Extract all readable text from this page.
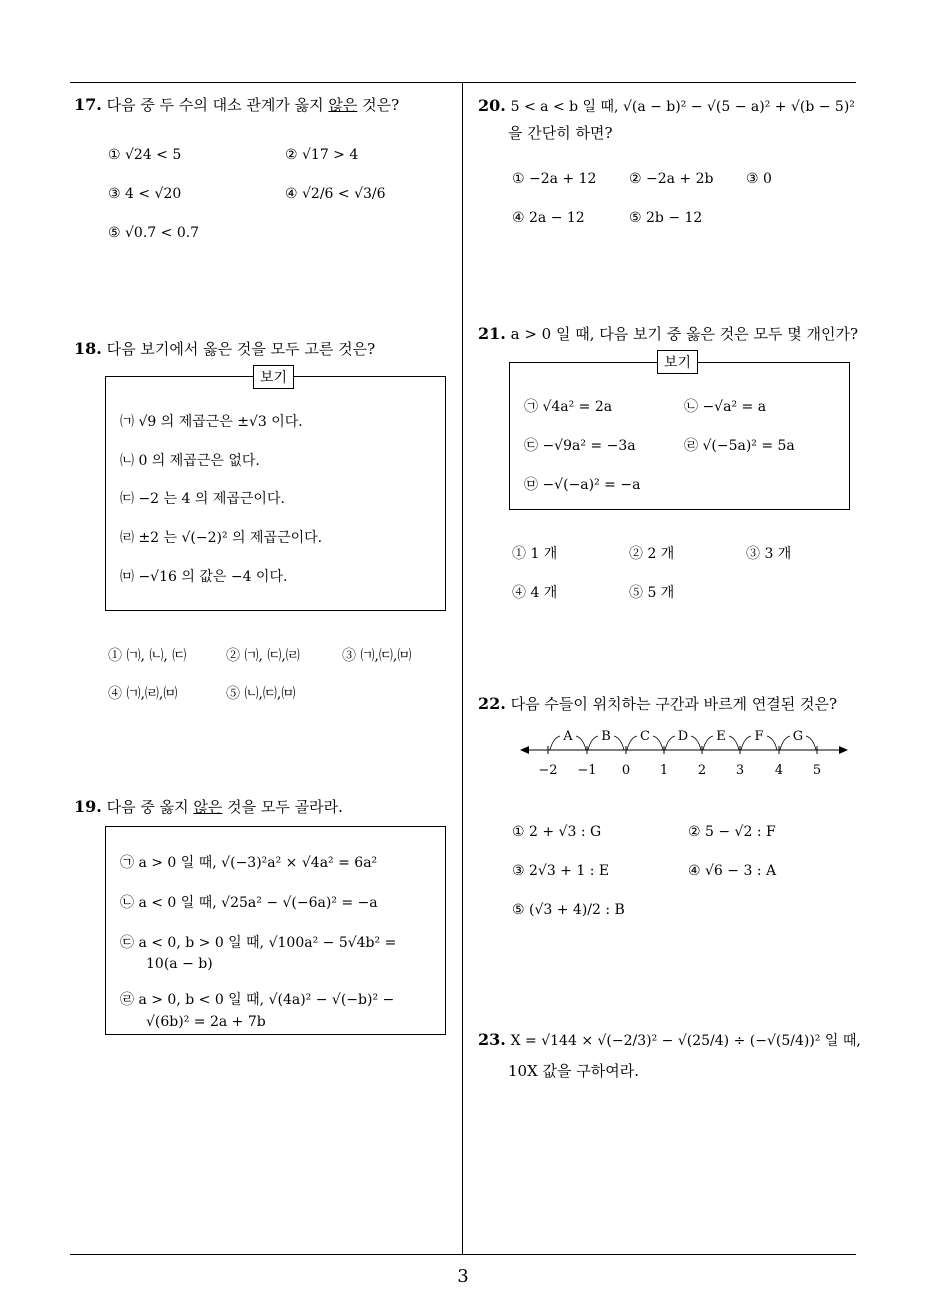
17. 다음 중 두 수의 대소 관계가 옳지 않은 것은?
① √24 < 5	② √17 > 4
③ 4 < √20	④ √2/6 < √3/6
⑤ √0.7 < 0.7
18. 다음 보기에서 옳은 것을 모두 고른 것은?
보기
㈀ √9 의 제곱근은 ±√3 이다.
㈁ 0 의 제곱근은 없다.
㈂ −2 는 4 의 제곱근이다.
㈃ ±2 는 √(−2)² 의 제곱근이다.
㈄ −√16 의 값은 −4 이다.
① ㈀, ㈁, ㈂	② ㈀, ㈂,㈃	③ ㈀,㈂,㈄
④ ㈀,㈃,㈄	⑤ ㈁,㈂,㈄
19. 다음 중 옳지 않은 것을 모두 골라라.
㉠ a > 0 일 때, √(−3)²a² × √4a² = 6a²
㉡ a < 0 일 때, √25a² − √(−6a)² = −a
㉢ a < 0, b > 0 일 때, √100a² − 5√4b² =
10(a − b)
㉣ a > 0, b < 0 일 때, √(4a)² − √(−b)² −
√(6b)² = 2a + 7b
20. 5 < a < b 일 때, √(a − b)² − √(5 − a)² + √(b − 5)²
을 간단히 하면?
① −2a + 12 ② −2a + 2b ③ 0
④ 2a − 12	⑤ 2b − 12
21. a > 0 일 때, 다음 보기 중 옳은 것은 모두 몇 개인가?
보기
㉠ √4a² = 2a	㉡ −√a² = a
㉢ −√9a² = −3a	㉣ √(−5a)² = 5a
㉤ −√(−a)² = −a
① 1 개	② 2 개	③ 3 개
④ 4 개	⑤ 5 개
22. 다음 수들이 위치하는 구간과 바르게 연결된 것은?
A B C D E F G
−2 −1 0 1 2 3 4 5
① 2 + √3 : G	② 5 − √2 : F
③ 2√3 + 1 : E	④ √6 − 3 : A
⑤ (√3 + 4)/2 : B
23. X = √144 × √(−2/3)² − √(25/4) ÷ (−√(5/4))² 일 때,
10X 값을 구하여라.
3
